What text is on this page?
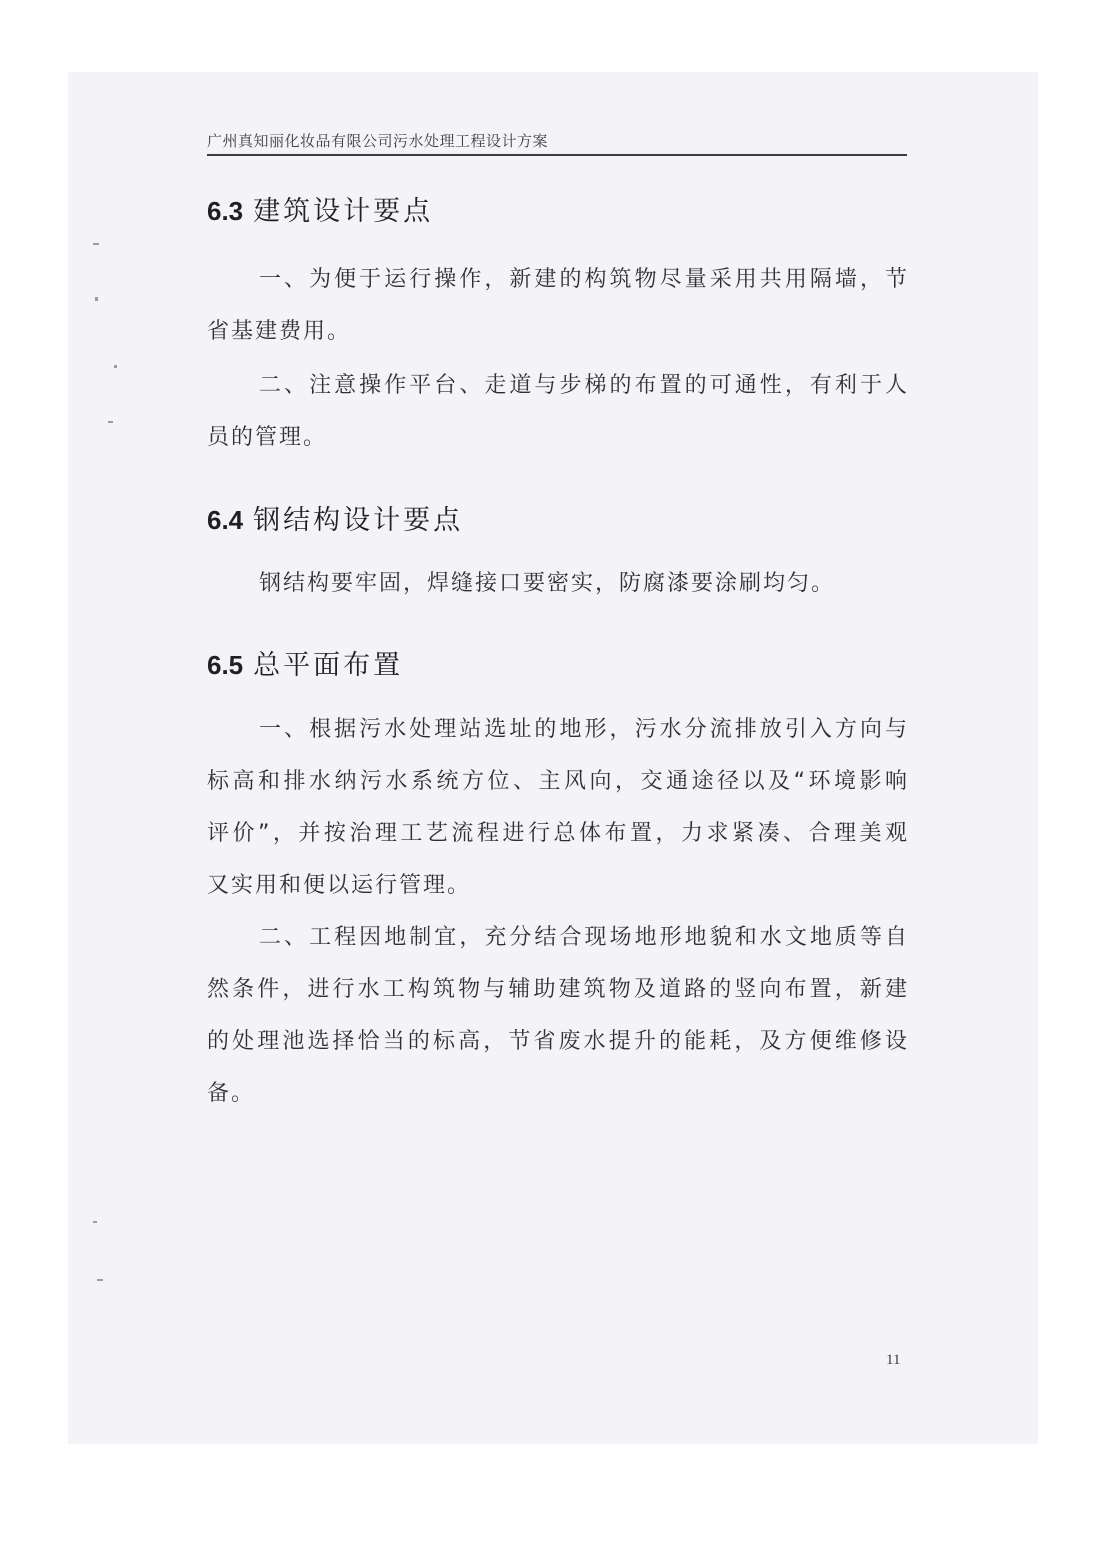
广州真知丽化妆品有限公司污水处理工程设计方案
6.3 建筑设计要点
一、为便于运行操作，新建的构筑物尽量采用共用隔墙，节
省基建费用。
二、注意操作平台、走道与步梯的布置的可通性，有利于人
员的管理。
6.4 钢结构设计要点
钢结构要牢固，焊缝接口要密实，防腐漆要涂刷均匀。
6.5 总平面布置
一、根据污水处理站选址的地形，污水分流排放引入方向与
标高和排水纳污水系统方位、主风向，交通途径以及“环境影响
评价”，并按治理工艺流程进行总体布置，力求紧凑、合理美观
又实用和便以运行管理。
二、工程因地制宜，充分结合现场地形地貌和水文地质等自
然条件，进行水工构筑物与辅助建筑物及道路的竖向布置，新建
的处理池选择恰当的标高，节省废水提升的能耗，及方便维修设
备。
11
